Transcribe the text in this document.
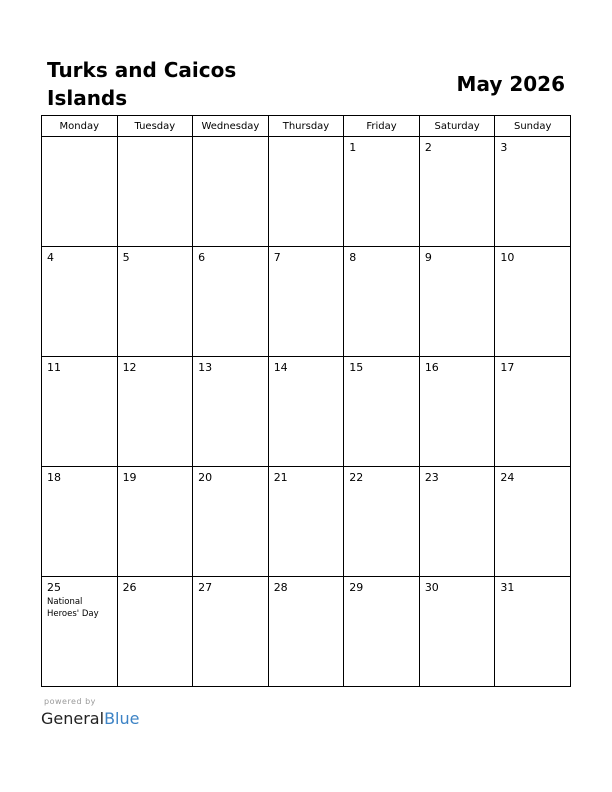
Turks and Caicos Islands
May 2026
Monday	Tuesday	Wednesday	Thursday	Friday	Saturday	Sunday

				1	2	3

4	5	6	7	8	9	10

11	12	13	14	15	16	17

18	19	20	21	22	23	24

25
National Heroes' Day	26	27	28	29	30	31
powered by
GeneralBlue
